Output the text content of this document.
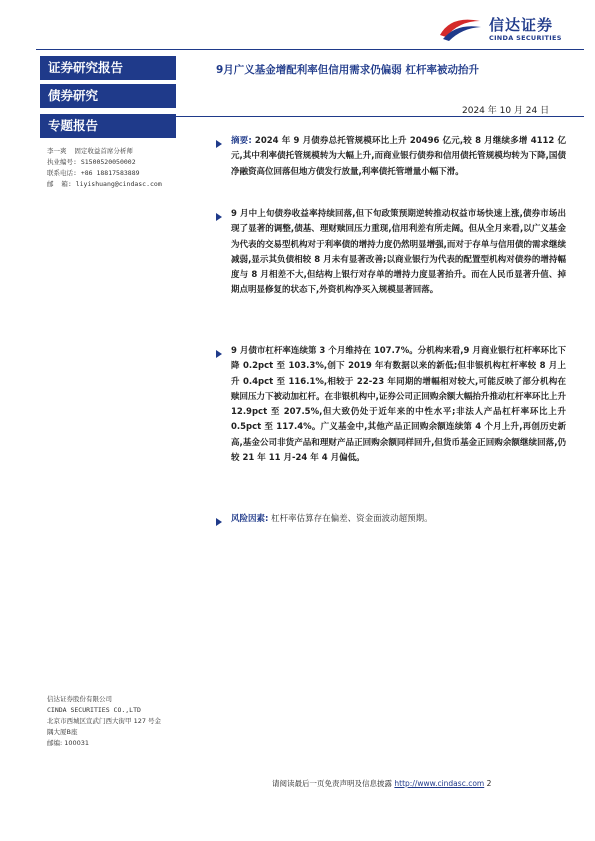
信达证券
CINDA SECURITIES
证券研究报告
债券研究
专题报告
李一爽  固定收益首席分析师
执业编号: S1500520050002
联系电话: +86 18817583889
邮  箱: liyishuang@cindasc.com
9月广义基金增配利率但信用需求仍偏弱 杠杆率被动抬升
2024 年 10 月 24 日
摘要: 2024 年 9 月债券总托管规模环比上升 20496 亿元,较 8 月继续多增 4112 亿元,其中利率债托管规模转为大幅上升,而商业银行债券和信用债托管规模均转为下降,国债净融资高位回落但地方债发行放量,利率债托管增量小幅下滑。
9 月中上旬债券收益率持续回落,但下旬政策预期逆转推动权益市场快速上涨,债券市场出现了显著的调整,债基、理财赎回压力重现,信用利差有所走阔。但从全月来看,以广义基金为代表的交易型机构对于利率债的增持力度仍然明显增强,而对于存单与信用债的需求继续减弱,显示其负债相较 8 月未有显著改善;以商业银行为代表的配置型机构对债券的增持幅度与 8 月相差不大,但结构上银行对存单的增持力度显著抬升。而在人民币显著升值、掉期点明显修复的状态下,外资机构净买入规模显著回落。
9 月债市杠杆率连续第 3 个月维持在 107.7%。分机构来看,9 月商业银行杠杆率环比下降 0.2pct 至 103.3%,创下 2019 年有数据以来的新低;但非银机构杠杆率较 8 月上升 0.4pct 至 116.1%,相较于 22-23 年同期的增幅相对较大,可能反映了部分机构在赎回压力下被动加杠杆。在非银机构中,证券公司正回购余额大幅抬升推动杠杆率环比上升 12.9pct 至 207.5%,但大致仍处于近年来的中性水平;非法人产品杠杆率环比上升 0.5pct 至 117.4%。广义基金中,其他产品正回购余额连续第 4 个月上升,再创历史新高,基金公司非货产品和理财产品正回购余额同样回升,但货币基金正回购余额继续回落,仍较 21 年 11 月-24 年 4 月偏低。
风险因素: 杠杆率估算存在偏差、资金面波动超预期。
信达证券股份有限公司
CINDA SECURITIES CO.,LTD
北京市西城区宣武门西大街甲 127 号金
隅大厦B座
邮编: 100031
请阅读最后一页免责声明及信息披露 http://www.cindasc.com 2
